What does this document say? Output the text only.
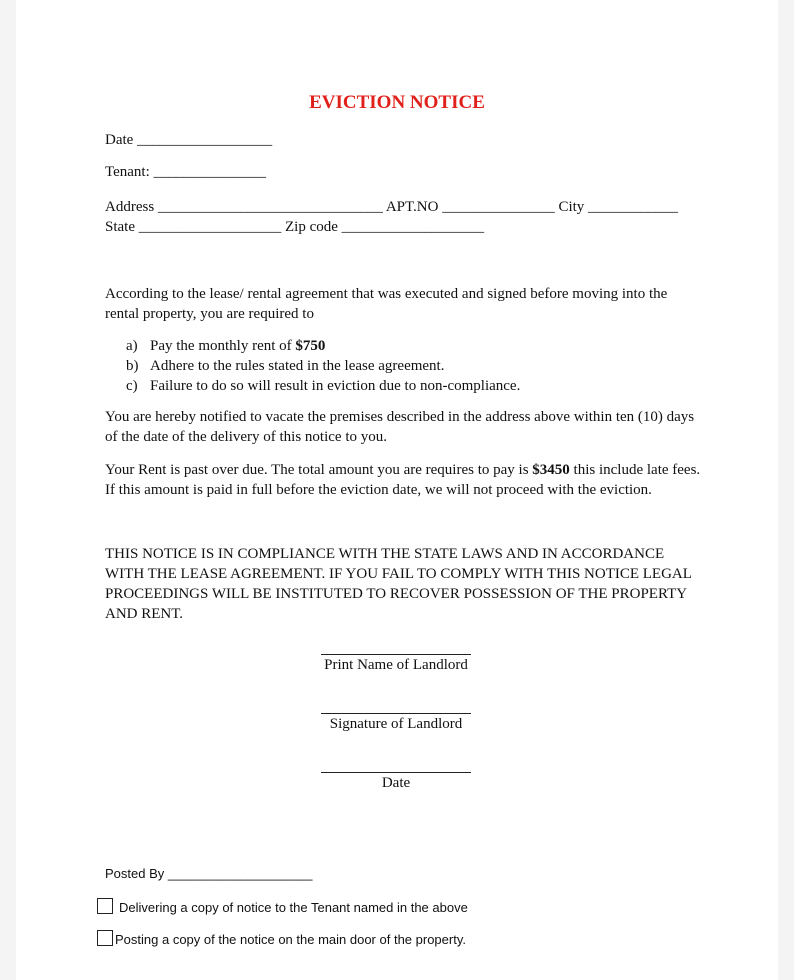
EVICTION NOTICE
Date __________________
Tenant: _______________
Address ______________________________ APT.NO _______________ City ____________
State ___________________ Zip code ___________________
According to the lease/ rental agreement that was executed and signed before moving into the rental property, you are required to
a) Pay the monthly rent of $750
b) Adhere to the rules stated in the lease agreement.
c) Failure to do so will result in eviction due to non-compliance.
You are hereby notified to vacate the premises described in the address above within ten (10) days of the date of the delivery of this notice to you.
Your Rent is past over due. The total amount you are requires to pay is $3450 this include late fees. If this amount is paid in full before the eviction date, we will not proceed with the eviction.
THIS NOTICE IS IN COMPLIANCE WITH THE STATE LAWS AND IN ACCORDANCE WITH THE LEASE AGREEMENT. IF YOU FAIL TO COMPLY WITH THIS NOTICE LEGAL PROCEEDINGS WILL BE INSTITUTED TO RECOVER POSSESSION OF THE PROPERTY AND RENT.
Print Name of Landlord
Signature of Landlord
Date
Posted By ____________________
Delivering a copy of notice to the Tenant named in the above
Posting a copy of the notice on the main door of the property.
